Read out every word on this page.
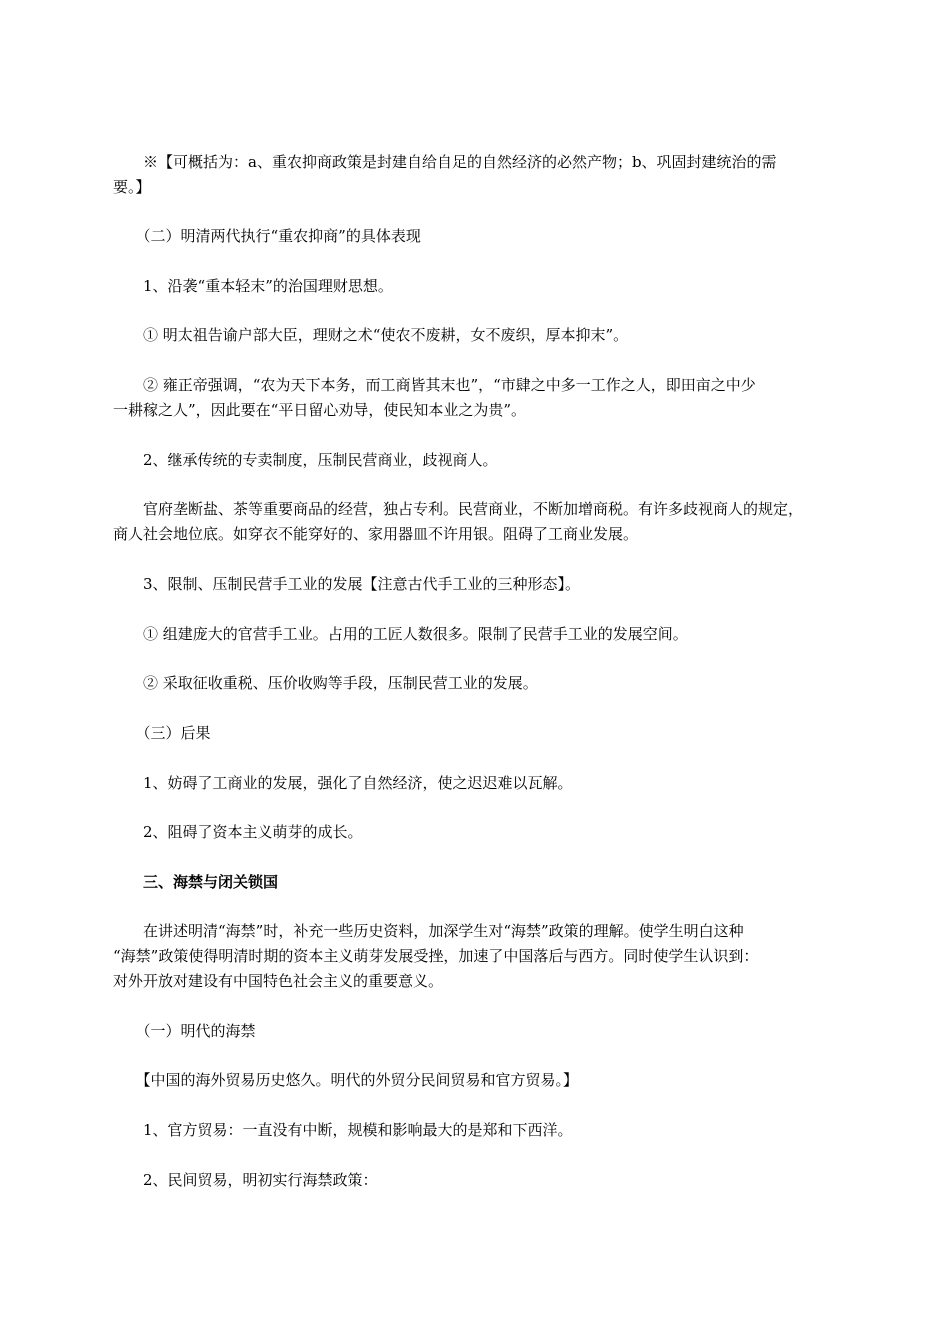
　　※【可概括为：a、重农抑商政策是封建自给自足的自然经济的必然产物；b、巩固封建统治的需
要。】

　　（二）明清两代执行“重农抑商”的具体表现

　　1、沿袭“重本轻末”的治国理财思想。

　　① 明太祖告谕户部大臣，理财之术“使农不废耕，女不废织，厚本抑末”。

　　② 雍正帝强调，“农为天下本务，而工商皆其末也”，“市肆之中多一工作之人，即田亩之中少
一耕稼之人”，因此要在“平日留心劝导，使民知本业之为贵”。

　　2、继承传统的专卖制度，压制民营商业，歧视商人。

　　官府垄断盐、茶等重要商品的经营，独占专利。民营商业，不断加增商税。有许多歧视商人的规定，
商人社会地位底。如穿衣不能穿好的、家用器皿不许用银。阻碍了工商业发展。

　　3、限制、压制民营手工业的发展【注意古代手工业的三种形态】。

　　① 组建庞大的官营手工业。占用的工匠人数很多。限制了民营手工业的发展空间。

　　② 采取征收重税、压价收购等手段，压制民营工业的发展。

　　（三）后果

　　1、妨碍了工商业的发展，强化了自然经济，使之迟迟难以瓦解。

　　2、阻碍了资本主义萌芽的成长。

　　三、海禁与闭关锁国

　　在讲述明清“海禁”时，补充一些历史资料，加深学生对“海禁”政策的理解。使学生明白这种
“海禁”政策使得明清时期的资本主义萌芽发展受挫，加速了中国落后与西方。同时使学生认识到：
对外开放对建设有中国特色社会主义的重要意义。

　　（一）明代的海禁

　　【中国的海外贸易历史悠久。明代的外贸分民间贸易和官方贸易。】

　　1、官方贸易：一直没有中断，规模和影响最大的是郑和下西洋。

　　2、民间贸易，明初实行海禁政策：
